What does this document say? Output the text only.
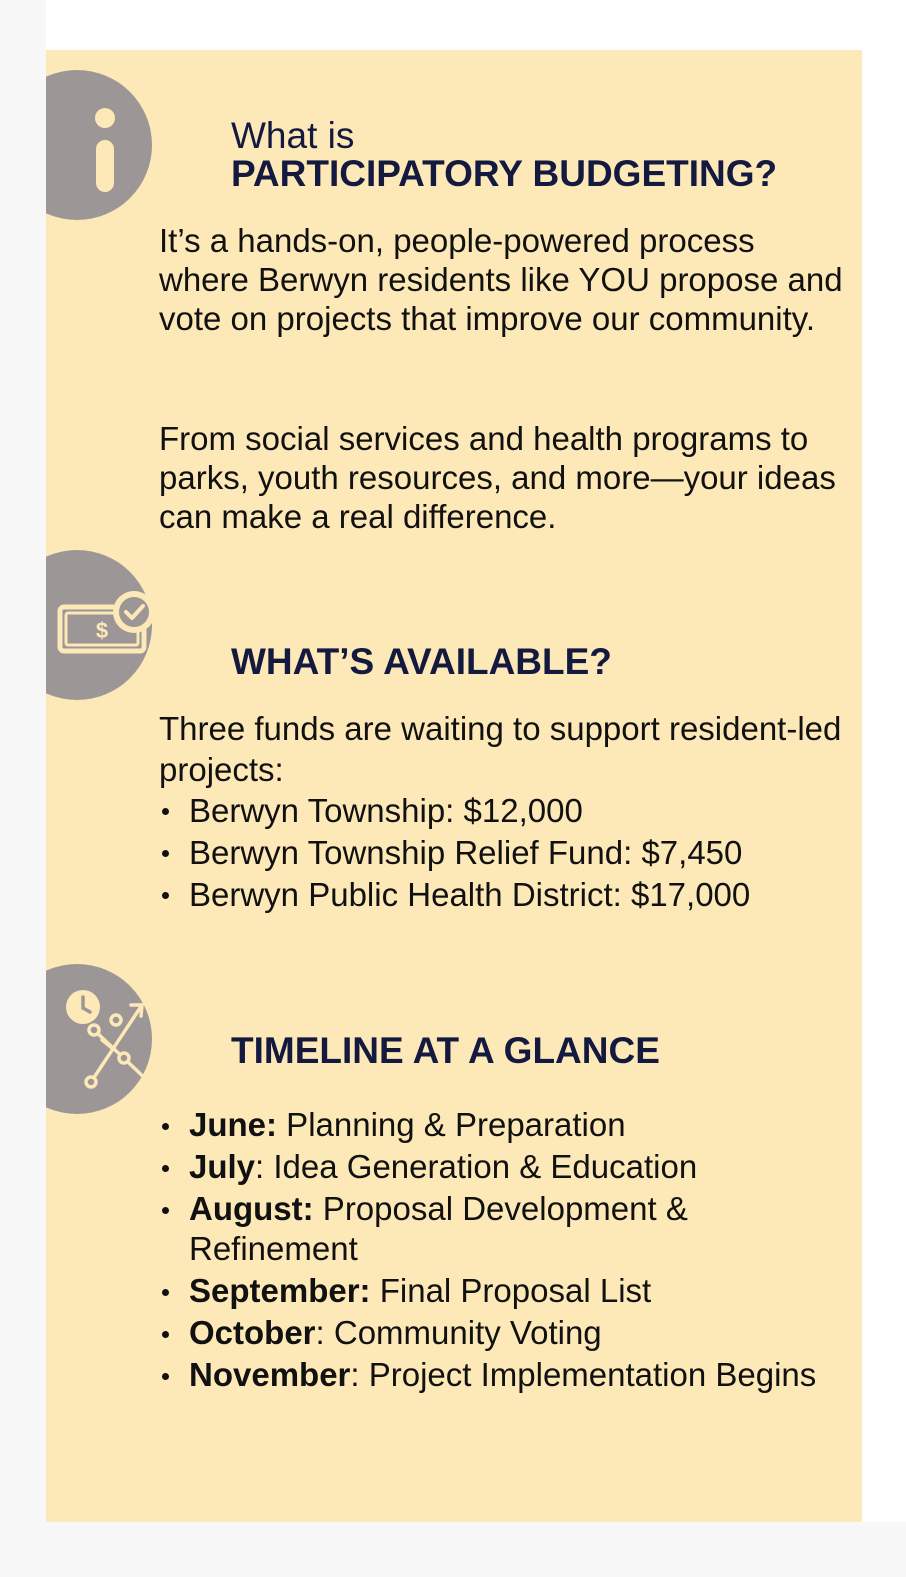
What is
PARTICIPATORY BUDGETING?

It’s a hands-on, people-powered process where Berwyn residents like YOU propose and vote on projects that improve our community.

From social services and health programs to parks, youth resources, and more—your ideas can make a real difference.

$
WHAT’S AVAILABLE?

Three funds are waiting to support resident-led projects:

Berwyn Township: $12,000
Berwyn Township Relief Fund: $7,450
Berwyn Public Health District: $17,000
TIMELINE AT A GLANCE
June: Planning & Preparation
July: Idea Generation & Education
August: Proposal Development & Refinement
September: Final Proposal List
October: Community Voting
November: Project Implementation Begins
